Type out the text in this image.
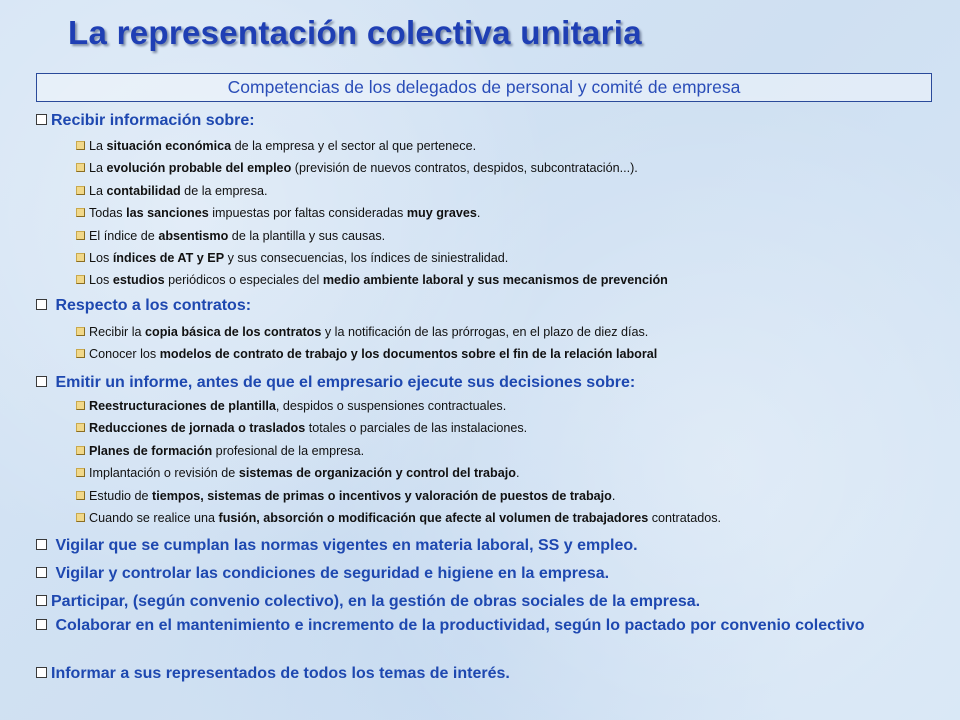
La representación colectiva unitaria
Competencias de los delegados de personal y comité de empresa
Recibir información sobre:
La situación económica de la empresa y el sector al que pertenece.
La evolución probable del empleo (previsión de nuevos contratos, despidos, subcontratación...).
La contabilidad de la empresa.
Todas las sanciones impuestas por faltas consideradas muy graves.
El índice de absentismo de la plantilla y sus causas.
Los índices de AT y EP y sus consecuencias, los índices de siniestralidad.
Los estudios periódicos o especiales del medio ambiente laboral y sus mecanismos de prevención
Respecto a los contratos:
Recibir la copia básica de los contratos y la notificación de las prórrogas, en el plazo de diez días.
Conocer los modelos de contrato de trabajo y los documentos sobre el fin de la relación laboral
Emitir un informe, antes de que el empresario ejecute sus decisiones sobre:
Reestructuraciones de plantilla, despidos o suspensiones contractuales.
Reducciones de jornada o traslados totales o parciales de las instalaciones.
Planes de formación profesional de la empresa.
Implantación o revisión de sistemas de organización y control del trabajo.
Estudio de tiempos, sistemas de primas o incentivos y valoración de puestos de trabajo.
Cuando se realice una fusión, absorción o modificación que afecte al volumen de trabajadores contratados.
Vigilar que se cumplan las normas vigentes en materia laboral, SS y empleo.
Vigilar y controlar las condiciones de seguridad e higiene en la empresa.
Participar, (según convenio colectivo), en la gestión de obras sociales de la empresa.
Colaborar en el mantenimiento e incremento de la productividad, según lo pactado por convenio colectivo
Informar a sus representados de todos los temas de interés.
